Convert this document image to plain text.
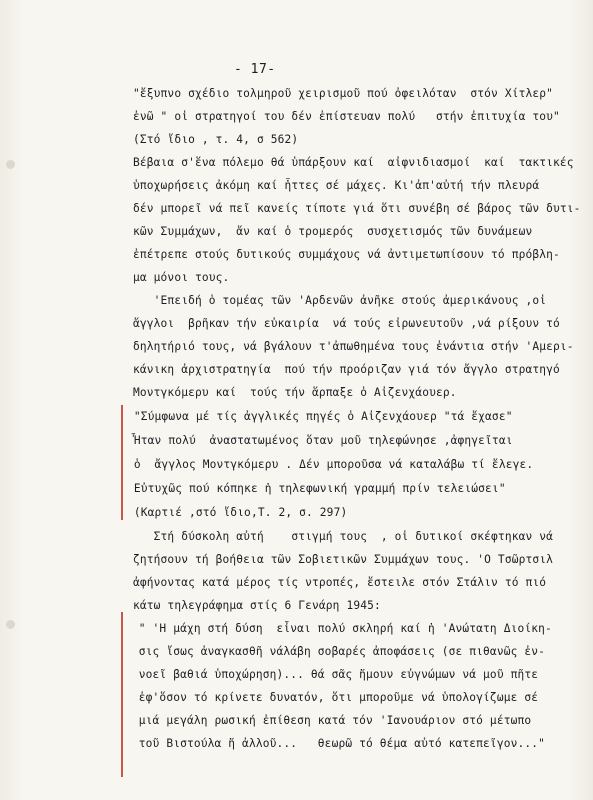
- 17-
"ἔξυπνο σχέδιο τολμηροῦ χειρισμοῦ πού ὀφειλόταν  στόν Χίτλερ"
ἐνῶ " οἱ στρατηγοί του δέν ἐπίστευαν πολύ   στήν ἐπιτυχία του"
(Στό ἴδιο , τ. 4, σ 562)
Βέβαια σ'ἕνα πόλεμο θά ὑπάρξουν καί  αἰφνιδιασμοί  καί  τακτικές
ὑποχωρήσεις ἀκόμη καί ἧττες σέ μάχες. Κι'ἀπ'αὐτή τήν πλευρά
δέν μπορεῖ νά πεῖ κανείς τίποτε γιά ὅτι συνέβη σέ βάρος τῶν δυτι-
κῶν Συμμάχων,  ἄν καί ὁ τρομερός  συσχετισμός τῶν δυνάμεων
ἐπέτρεπε στούς δυτικούς συμμάχους νά ἀντιμετωπίσουν τό πρόβλη-
μα μόνοι τους.
'Επειδή ὁ τομέας τῶν 'Αρδενῶν ἀνῆκε στούς ἀμερικάνους ,οἱ
ἄγγλοι  βρῆκαν τήν εὐκαιρία  νά τούς εἰρωνευτοῦν ,νά ρίξουν τό
δηλητήριό τους, νά βγάλουν τ'ἀπωθημένα τους ἐνάντια στήν 'Αμερι-
κάνικη ἀρχιστρατηγία  πού τήν προόριζαν γιά τόν ἄγγλο στρατηγό
Μοντγκόμερυ καί  τούς τήν ἅρπαξε ὁ Αἰζενχάουερ.
"Σύμφωνα μέ τίς ἀγγλικές πηγές ὁ Αἰζενχάουερ "τά ἔχασε"
Ἦταν πολύ  ἀναστατωμένος ὅταν μοῦ τηλεφώνησε ,ἀφηγεῖται
ὁ  ἄγγλος Μοντγκόμερυ . Δέν μποροῦσα νά καταλάβω τί ἔλεγε.
Εὐτυχῶς πού κόπηκε ἡ τηλεφωνική γραμμή πρίν τελειώσει"
(Καρτιέ ,στό ἴδιο,Τ. 2, σ. 297)
Στή δύσκολη αὐτή    στιγμή τους  , οἱ δυτικοί σκέφτηκαν νά
ζητήσουν τή βοήθεια τῶν Σοβιετικῶν Συμμάχων τους. 'Ο Τσῶρτσιλ
ἀφήνοντας κατά μέρος τίς ντροπές, ἔστειλε στόν Στάλιν τό πιό
κάτω τηλεγράφημα στίς 6 Γενάρη 1945:
" 'Η μάχη στή δύση  εἶναι πολύ σκληρή καί ἡ 'Ανώτατη Διοίκη-
σις ἴσως ἀναγκασθῆ νάλάβη σοβαρές ἀποφάσεις (σε πιθανῶς ἐν-
νοεῖ βαθιά ὑποχώρηση)... θά σᾶς ἤμουν εὐγνώμων νά μοῦ πῆτε
ἐφ'ὅσον τό κρίνετε δυνατόν, ὅτι μποροῦμε νά ὑπολογίζωμε σέ
μιά μεγάλη ρωσική ἐπίθεση κατά τόν 'Ιανουάριον στό μέτωπο
τοῦ Βιστούλα ἤ ἀλλοῦ...   θεωρῶ τό θέμα αὐτό κατεπεῖγον..."
